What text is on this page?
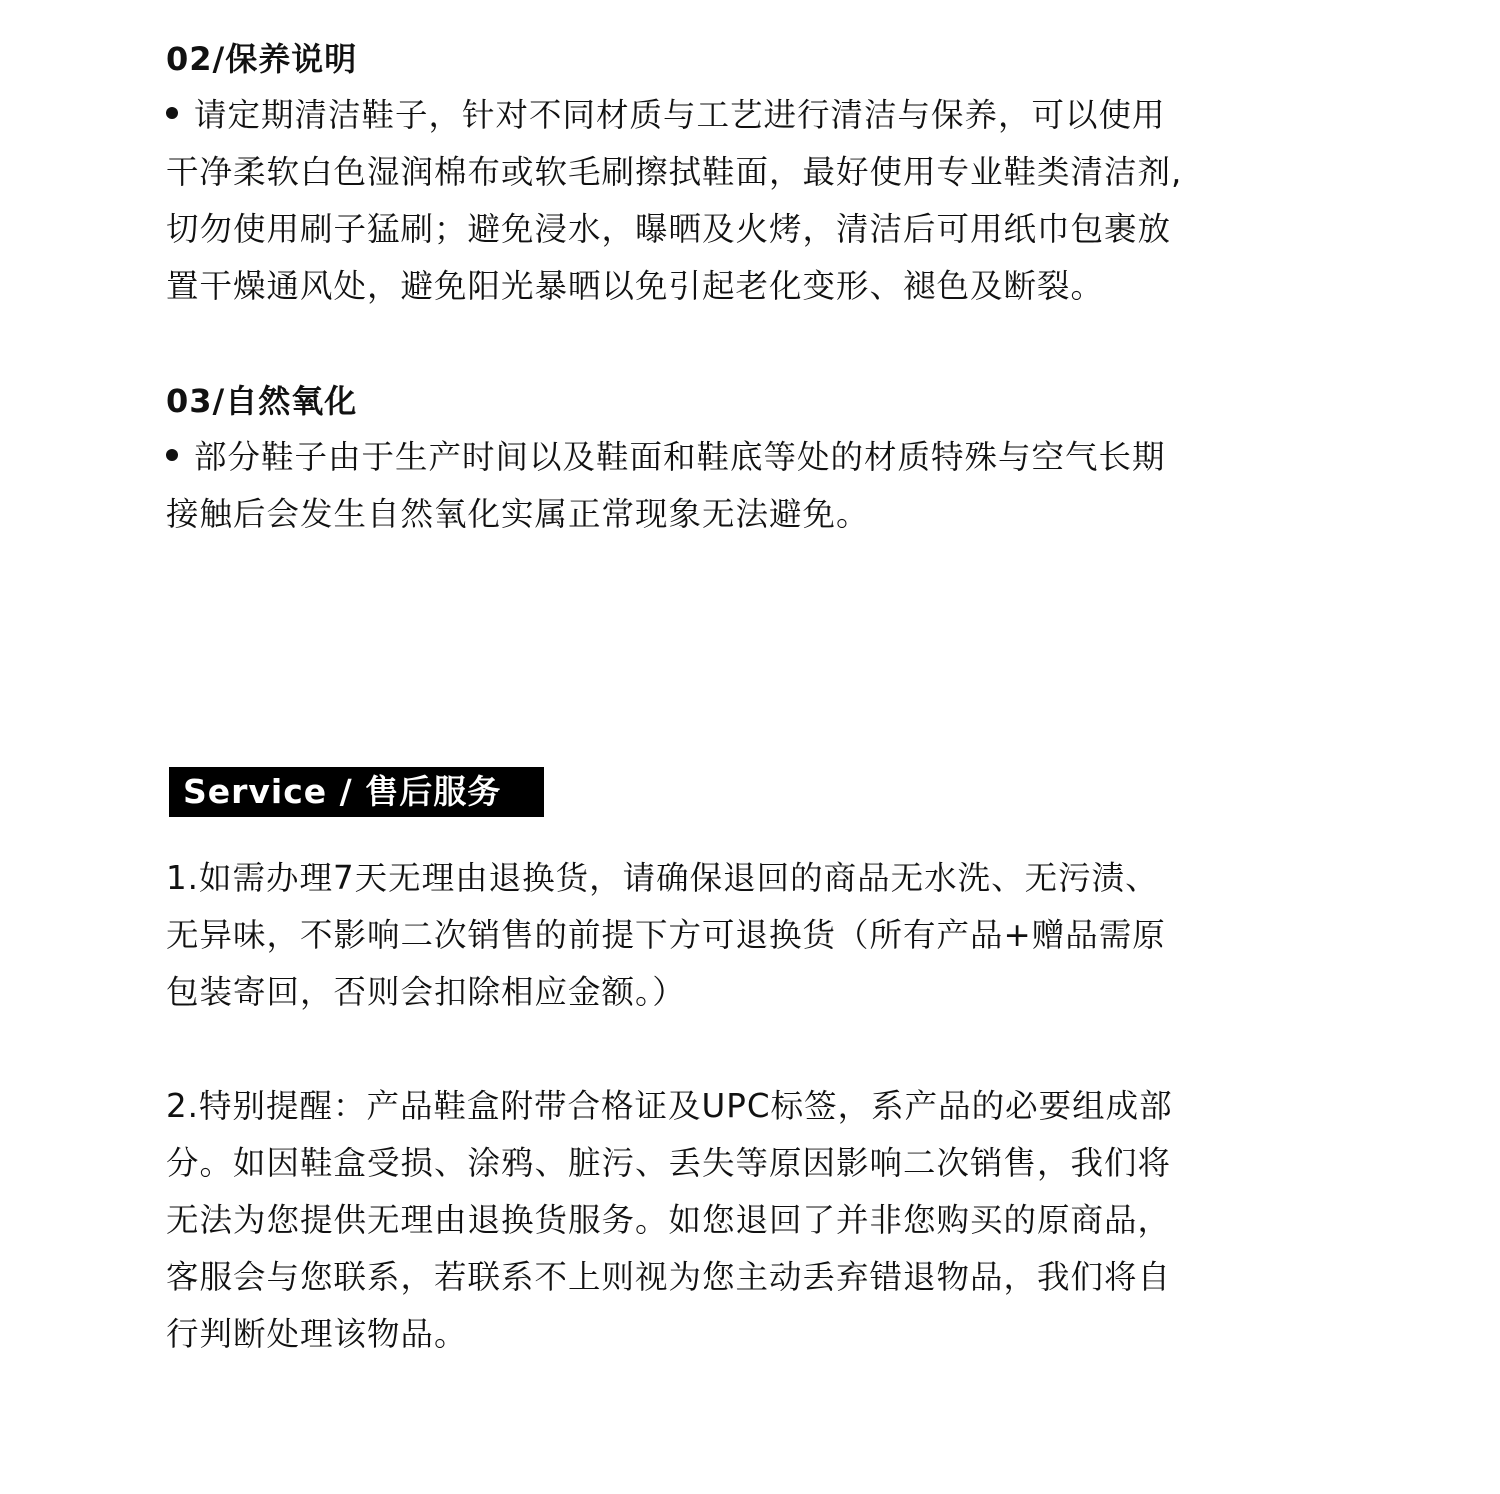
02/保养说明
请定期清洁鞋子，针对不同材质与工艺进行清洁与保养，可以使用
干净柔软白色湿润棉布或软毛刷擦拭鞋面，最好使用专业鞋类清洁剂,
切勿使用刷子猛刷；避免浸水，曝晒及火烤，清洁后可用纸巾包裹放
置干燥通风处，避免阳光暴晒以免引起老化变形、褪色及断裂。
03/自然氧化
部分鞋子由于生产时间以及鞋面和鞋底等处的材质特殊与空气长期
接触后会发生自然氧化实属正常现象无法避免。
Service / 售后服务
1.如需办理7天无理由退换货，请确保退回的商品无水洗、无污渍、
无异味，不影响二次销售的前提下方可退换货（所有产品+赠品需原
包装寄回，否则会扣除相应金额。）
2.特别提醒：产品鞋盒附带合格证及UPC标签，系产品的必要组成部
分。如因鞋盒受损、涂鸦、脏污、丢失等原因影响二次销售，我们将
无法为您提供无理由退换货服务。如您退回了并非您购买的原商品，
客服会与您联系，若联系不上则视为您主动丢弃错退物品，我们将自
行判断处理该物品。
